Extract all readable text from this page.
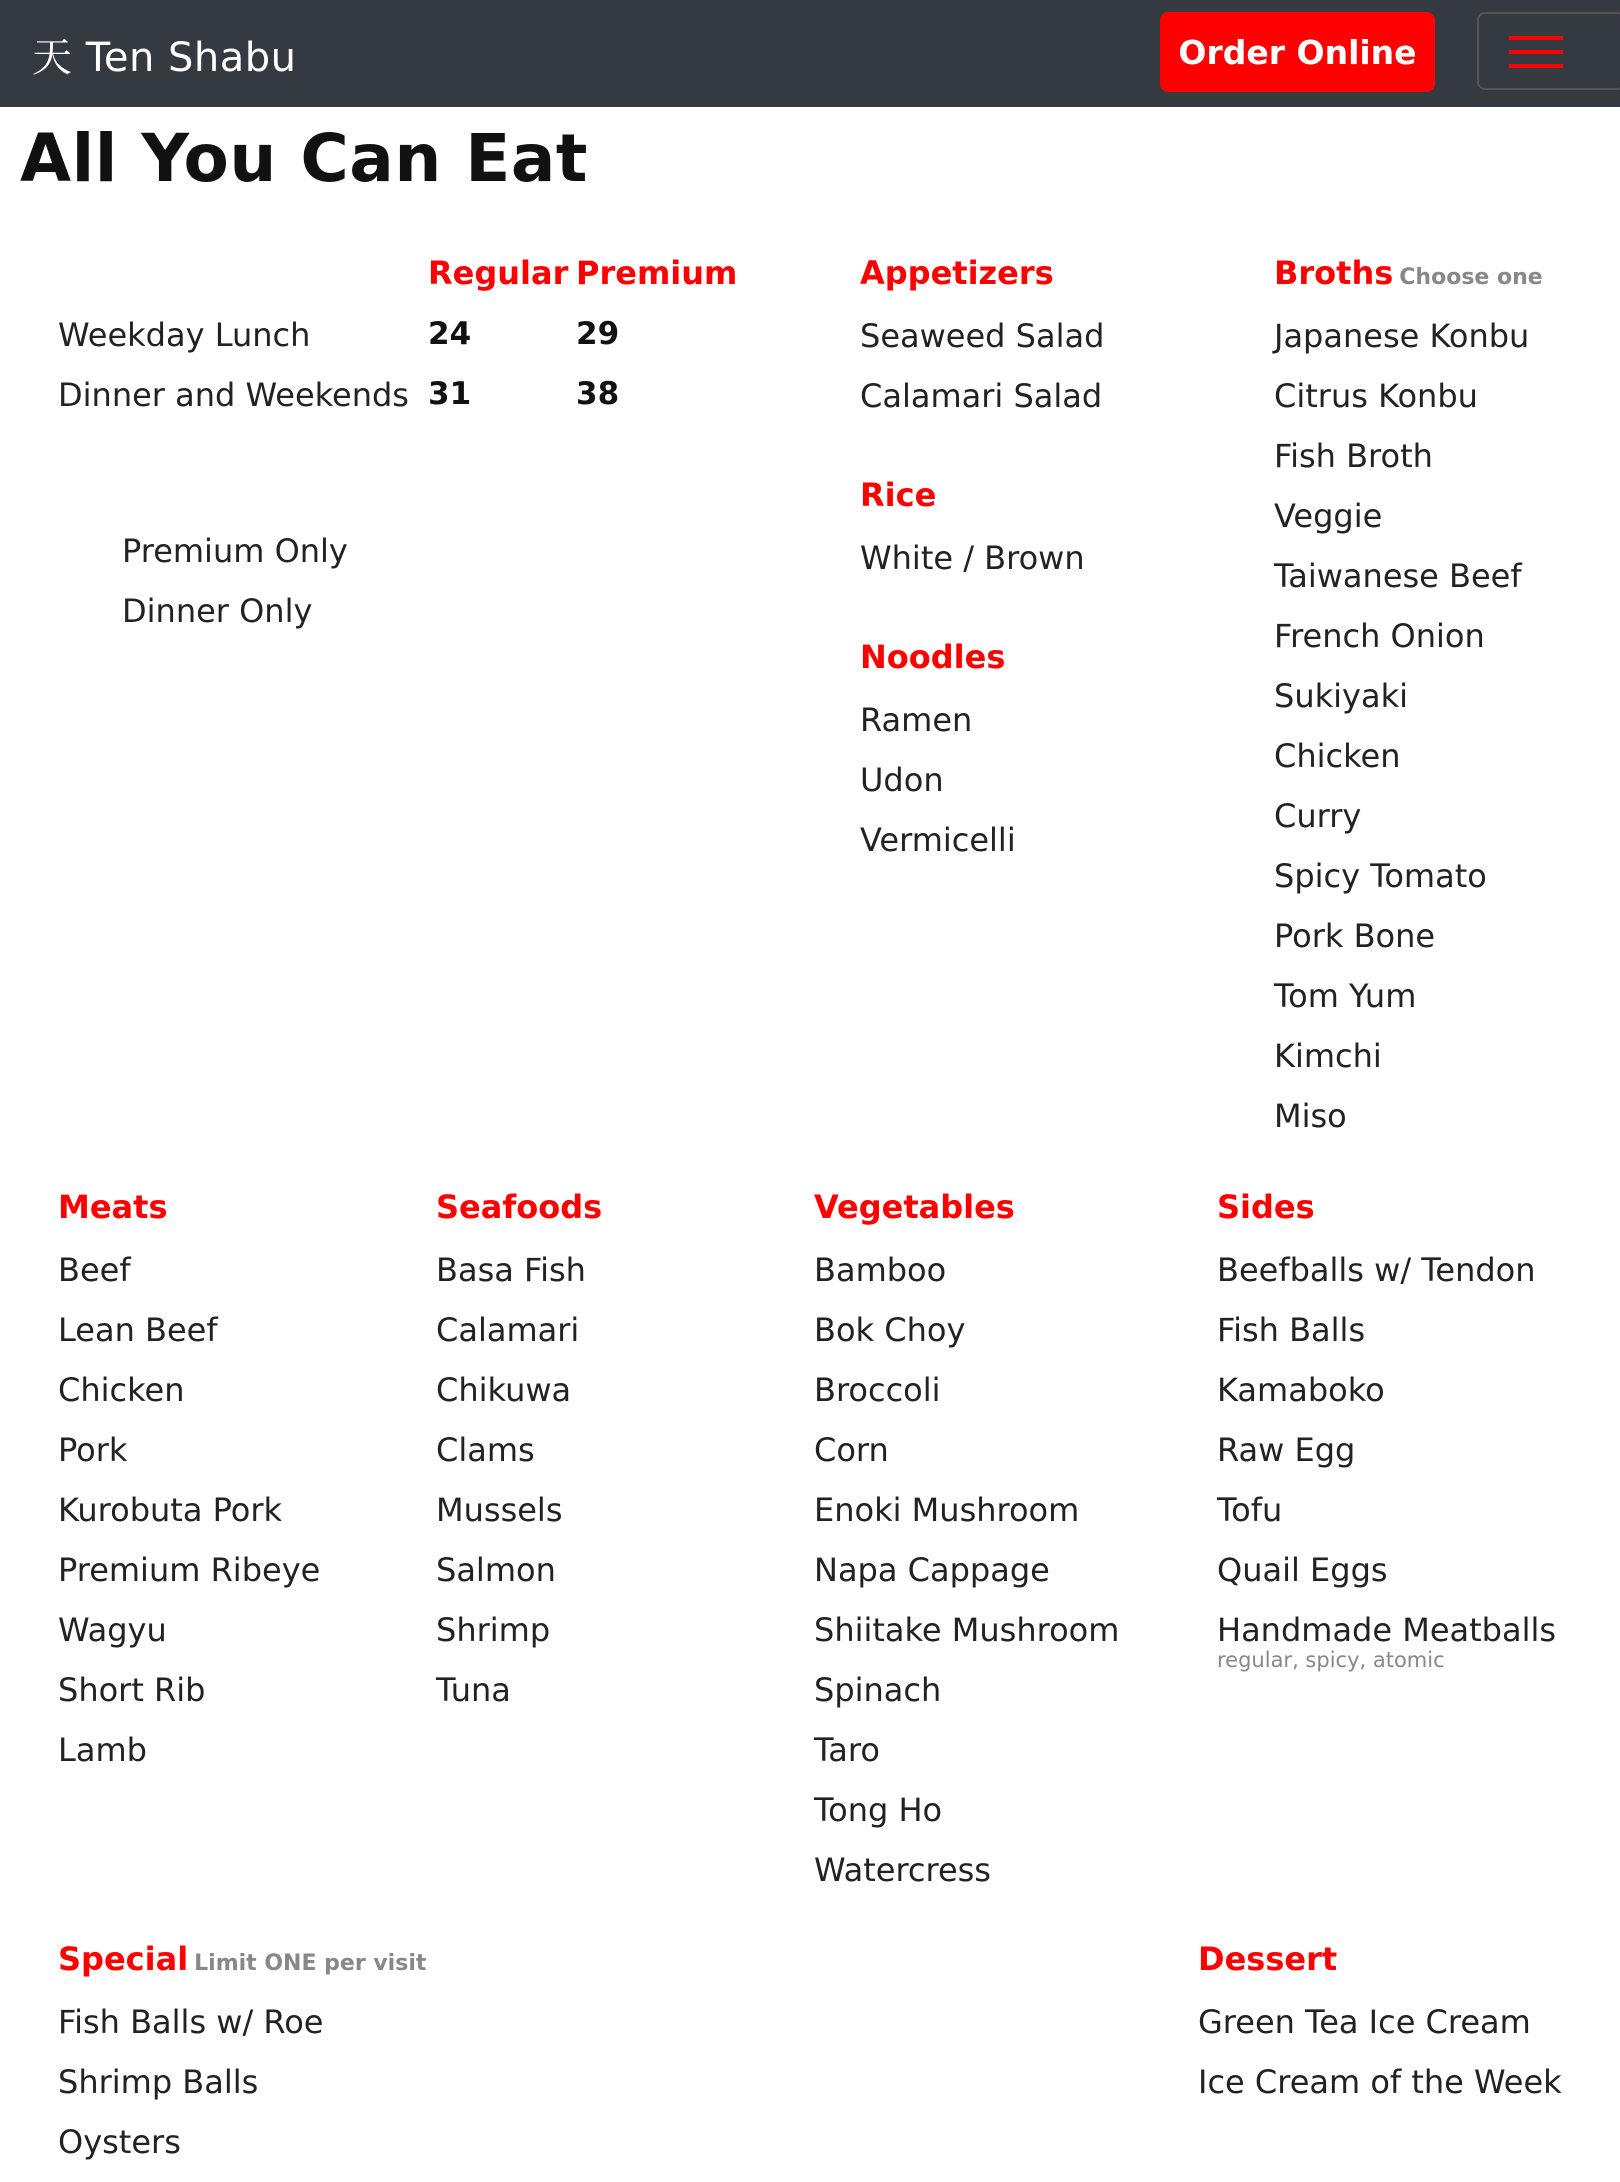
天 Ten Shabu	Order Online
All You Can Eat
Regular Premium
Weekday Lunch	24	29
Dinner and Weekends 31	38
Premium Only
Dinner Only
Appetizers
Seaweed Salad
Calamari Salad
Rice
White / Brown
Noodles
Ramen
Udon
Vermicelli
Broths Choose one
Japanese Konbu
Citrus Konbu
Fish Broth
Veggie
Taiwanese Beef
French Onion
Sukiyaki
Chicken
Curry
Spicy Tomato
Pork Bone
Tom Yum
Kimchi
Miso
Meats
Beef
Lean Beef
Chicken
Pork
Kurobuta Pork
Premium Ribeye
Wagyu
Short Rib
Lamb
Seafoods
Basa Fish
Calamari
Chikuwa
Clams
Mussels
Salmon
Shrimp
Tuna
Vegetables
Bamboo
Bok Choy
Broccoli
Corn
Enoki Mushroom
Napa Cappage
Shiitake Mushroom
Spinach
Taro
Tong Ho
Watercress
Sides
Beefballs w/ Tendon
Fish Balls
Kamaboko
Raw Egg
Tofu
Quail Eggs
Handmade Meatballs
regular, spicy, atomic
Special Limit ONE per visit
Fish Balls w/ Roe
Shrimp Balls
Oysters
Dessert
Green Tea Ice Cream
Ice Cream of the Week
